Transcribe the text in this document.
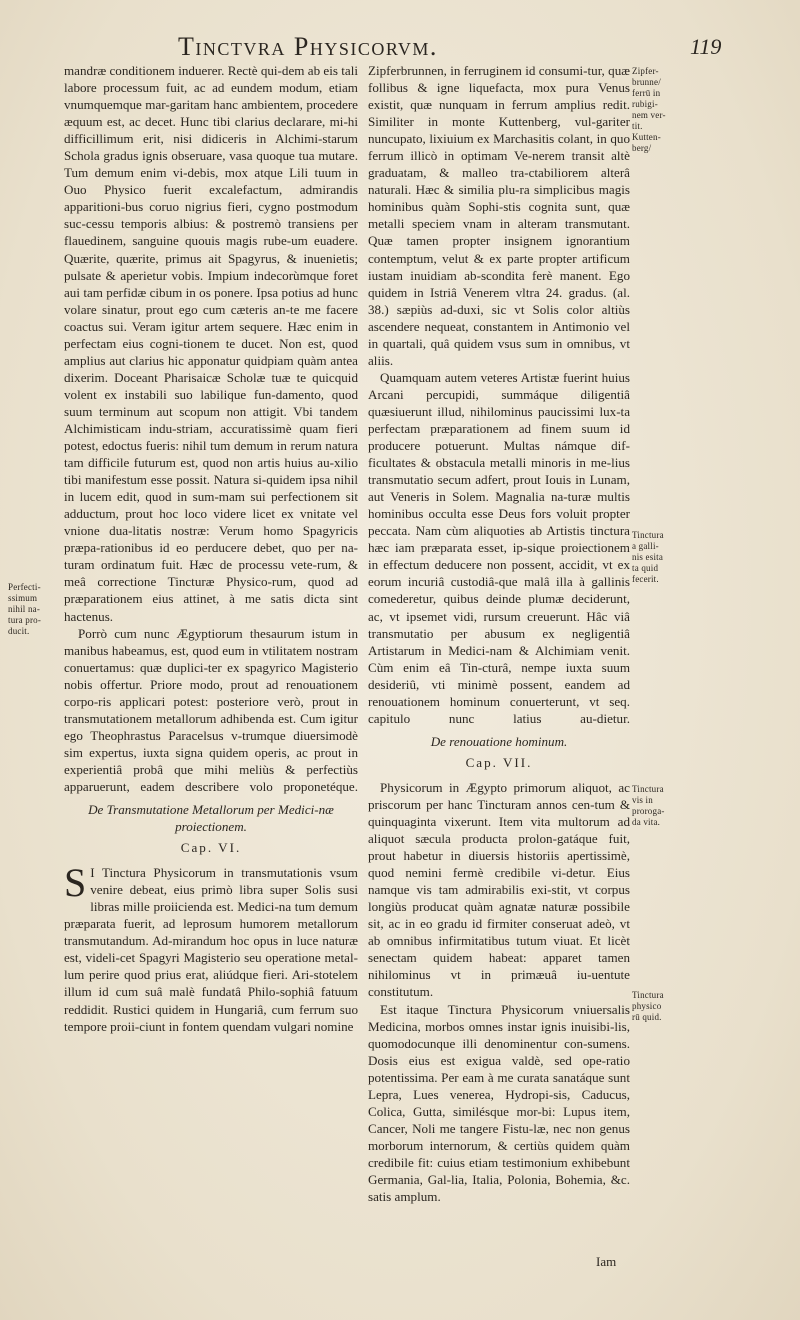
Tinctvra Physicorvm.	119
Perfecti-
ssimum
nihil na-
tura pro-
ducit.
Zipfer-
brunne/
ferrū in
rubigi-
nem ver-
tit.
Kutten-
berg/
Tinctura
a galli-
nis esita
ta quid
fecerit.
Tinctura
vis in
proroga-
da vita.
Tinctura
physico
rū quid.

mandræ conditionem induerer. Rectè qui-dem ab eis tali labore processum fuit, ac ad eundem modum, etiam vnumquemque mar-garitam hanc ambientem, procedere æquum est, ac decet. Hunc tibi clarius declarare, mi-hi difficillimum erit, nisi didiceris in Alchimi-starum Schola gradus ignis obseruare, vasa quoque tua mutare. Tum demum enim vi-debis, mox atque Lili tuum in Ouo Physico fuerit excalefactum, admirandis apparitioni-bus coruo nigrius fieri, cygno postmodum suc-cessu temporis albius: & postremò transiens per flauedinem, sanguine quouis magis rube-um euadere. Quærite, quærite, primus ait Spagyrus, & inuenietis; pulsate & aperietur vobis. Impium indecorùmque foret aui tam perfidæ cibum in os ponere. Ipsa potius ad hunc volare sinatur, prout ego cum cæteris an-te me facere coactus sui. Veram igitur artem sequere. Hæc enim in perfectam eius cogni-tionem te ducet. Non est, quod amplius aut clarius hic apponatur quidpiam quàm antea dixerim. Doceant Pharisaicæ Scholæ tuæ te quicquid volent ex instabili suo labilique fun-damento, quod suum terminum aut scopum non attigit. Vbi tandem Alchimisticam indu-striam, accuratissimè quam fieri potest, edoctus fueris: nihil tum demum in rerum natura tam difficile futurum est, quod non artis huius au-xilio tibi manifestum esse possit. Natura si-quidem ipsa nihil in lucem edit, quod in sum-mam sui perfectionem sit adductum, prout hoc loco videre licet ex vnitate vel vnione dua-litatis nostræ: Verum homo Spagyricis præpa-rationibus id eo perducere debet, quo per na-turam ordinatum fuit. Hæc de processu vete-rum, & meâ correctione Tincturæ Physico-rum, quod ad præparationem eius attinet, à me satis dicta sint hactenus.

Porrò cum nunc Ægyptiorum thesaurum istum in manibus habeamus, est, quod eum in vtilitatem nostram conuertamus: quæ duplici-ter ex spagyrico Magisterio nobis offertur. Priore modo, prout ad renouationem corpo-ris applicari potest: posteriore verò, prout in transmutationem metallorum adhibenda est. Cum igitur ego Theophrastus Paracelsus v-trumque diuersimodè sim expertus, iuxta signa quidem operis, ac prout in experientiâ probâ que mihi meliùs & perfectiùs apparuerunt, eadem describere volo proponetéque.

De Transmutatione Metallorum per Medici-næ proiectionem.
Cap. VI.
S I Tinctura Physicorum in transmutationis vsum venire debeat, eius primò libra super Solis susi libras mille proiicienda est. Medici-na tum demum præparata fuerit, ad leprosum humorem metallorum transmutandum. Ad-mirandum hoc opus in luce naturæ est, videli-cet Spagyri Magisterio seu operatione metal-lum perire quod prius erat, aliúdque fieri. Ari-stotelem illum id cum suâ malè fundatâ Philo-sophiâ fatuum reddidit. Rustici quidem in Hungariâ, cum ferrum suo tempore proii-ciunt in fontem quendam vulgari nomine

Zipferbrunnen, in ferruginem id consumi-tur, quæ follibus & igne liquefacta, mox pura Venus existit, quæ nunquam in ferrum amplius redit. Similiter in monte Kuttenberg, vul-gariter nuncupato, lixiuium ex Marchasitis colant, in quo ferrum illicò in optimam Ve-nerem transit altè graduatam, & malleo tra-ctabiliorem alterâ naturali. Hæc & similia plu-ra simplicibus magis hominibus quàm Sophi-stis cognita sunt, quæ metalli speciem vnam in alteram transmutant. Quæ tamen propter insignem ignorantium contemptum, velut & ex parte propter artificum iustam inuidiam ab-scondita ferè manent. Ego quidem in Istriâ Venerem vltra 24. gradus. (al. 38.) sæpiùs ad-duxi, sic vt Solis color altiùs ascendere nequeat, constantem in Antimonio vel in quartali, quâ quidem vsus sum in omnibus, vt aliis.

Quamquam autem veteres Artistæ fuerint huius Arcani percupidi, summáque diligentiâ quæsiuerunt illud, nihilominus paucissimi lux-ta perfectam præparationem ad finem suum id producere potuerunt. Multas námque dif-ficultates & obstacula metalli minoris in me-lius transmutatio secum adfert, prout Iouis in Lunam, aut Veneris in Solem. Magnalia na-turæ multis hominibus occulta esse Deus fors voluit propter peccata. Nam cùm aliquoties ab Artistis tinctura hæc iam præparata esset, ip-sique proiectionem in effectum deducere non possent, accidit, vt ex eorum incuriâ custodiâ-que malâ illa à gallinis comederetur, quibus deinde plumæ deciderunt, ac, vt ipsemet vidi, rursum creuerunt. Hâc viâ transmutatio per abusum ex negligentiâ Artistarum in Medici-nam & Alchimiam venit. Cùm enim eâ Tin-cturâ, nempe iuxta suum desideriû, vti minimè possent, eandem ad renouationem hominum conuerterunt, vt seq. capitulo nunc latius au-dietur.

De renouatione hominum.
Cap. VII.

Physicorum in Ægypto primorum aliquot, ac priscorum per hanc Tincturam annos cen-tum & quinquaginta vixerunt. Item vita multorum ad aliquot sæcula producta prolon-gatáque fuit, prout habetur in diuersis historiis apertissimè, quod nemini fermè credibile vi-detur. Eius namque vis tam admirabilis exi-stit, vt corpus longiùs producat quàm agnatæ naturæ possibile sit, ac in eo gradu id firmiter conseruat adeò, vt ab omnibus infirmitatibus tutum viuat. Et licèt senectam quidem habeat: apparet tamen nihilominus vt in primæuâ iu-uentute constitutum.

Est itaque Tinctura Physicorum vniuersalis Medicina, morbos omnes instar ignis inuisibi-lis, quomodocunque illi denominentur con-sumens. Dosis eius est exigua valdè, sed ope-ratio potentissima. Per eam à me curata sanatáque sunt Lepra, Lues venerea, Hydropi-sis, Caducus, Colica, Gutta, similésque mor-bi: Lupus item, Cancer, Noli me tangere Fistu-læ, nec non genus morborum internorum, & certiùs quidem quàm credibile fit: cuius etiam testimonium exhibebunt Germania, Gal-lia, Italia, Polonia, Bohemia, &c. satis amplum.

Iam
